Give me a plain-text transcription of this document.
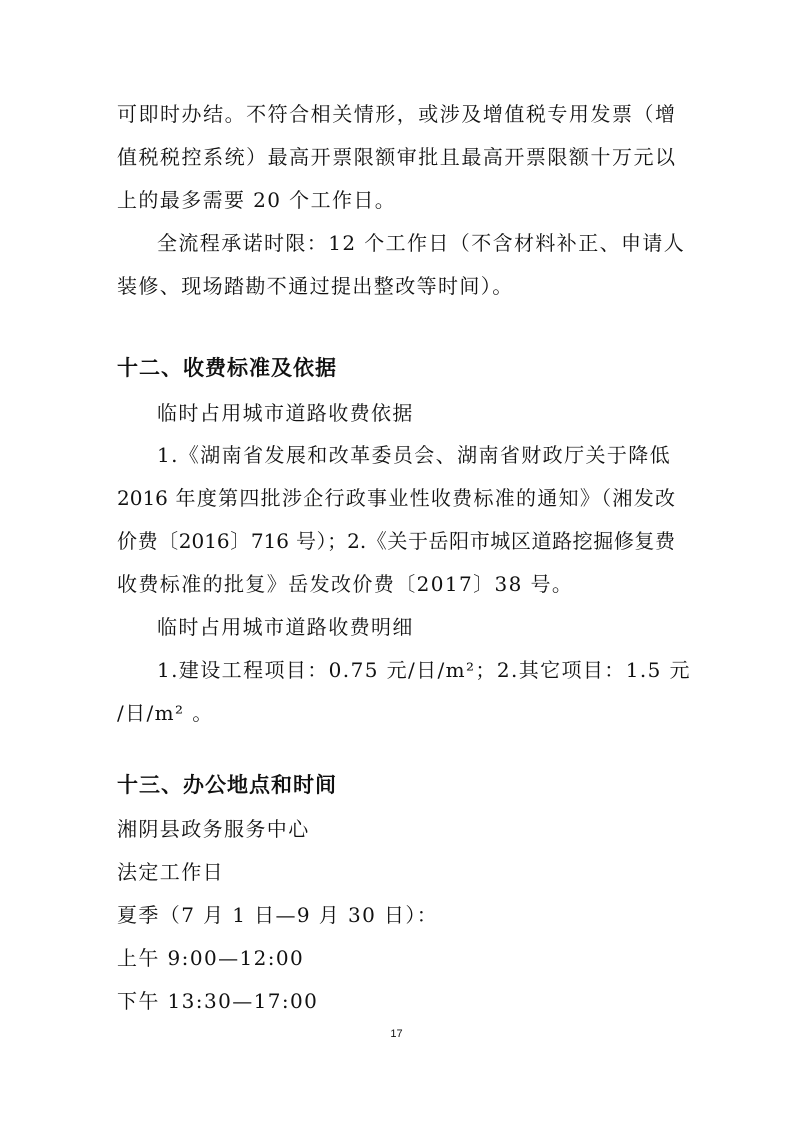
可即时办结。不符合相关情形，或涉及增值税专用发票（增
值税税控系统）最高开票限额审批且最高开票限额十万元以
上的最多需要 20 个工作日。
全流程承诺时限：12 个工作日（不含材料补正、申请人
装修、现场踏勘不通过提出整改等时间）。
十二、收费标准及依据
临时占用城市道路收费依据
1.《湖南省发展和改革委员会、湖南省财政厅关于降低
2016 年度第四批涉企行政事业性收费标准的通知》（湘发改
价费〔2016〕716 号）；2.《关于岳阳市城区道路挖掘修复费
收费标准的批复》岳发改价费〔2017〕38 号。
临时占用城市道路收费明细
1.建设工程项目：0.75 元/日/m²；2.其它项目：1.5 元
/日/m² 。
十三、办公地点和时间
湘阴县政务服务中心
法定工作日
夏季（7 月 1 日—9 月 30 日）：
上午 9:00—12:00
下午 13:30—17:00
17
